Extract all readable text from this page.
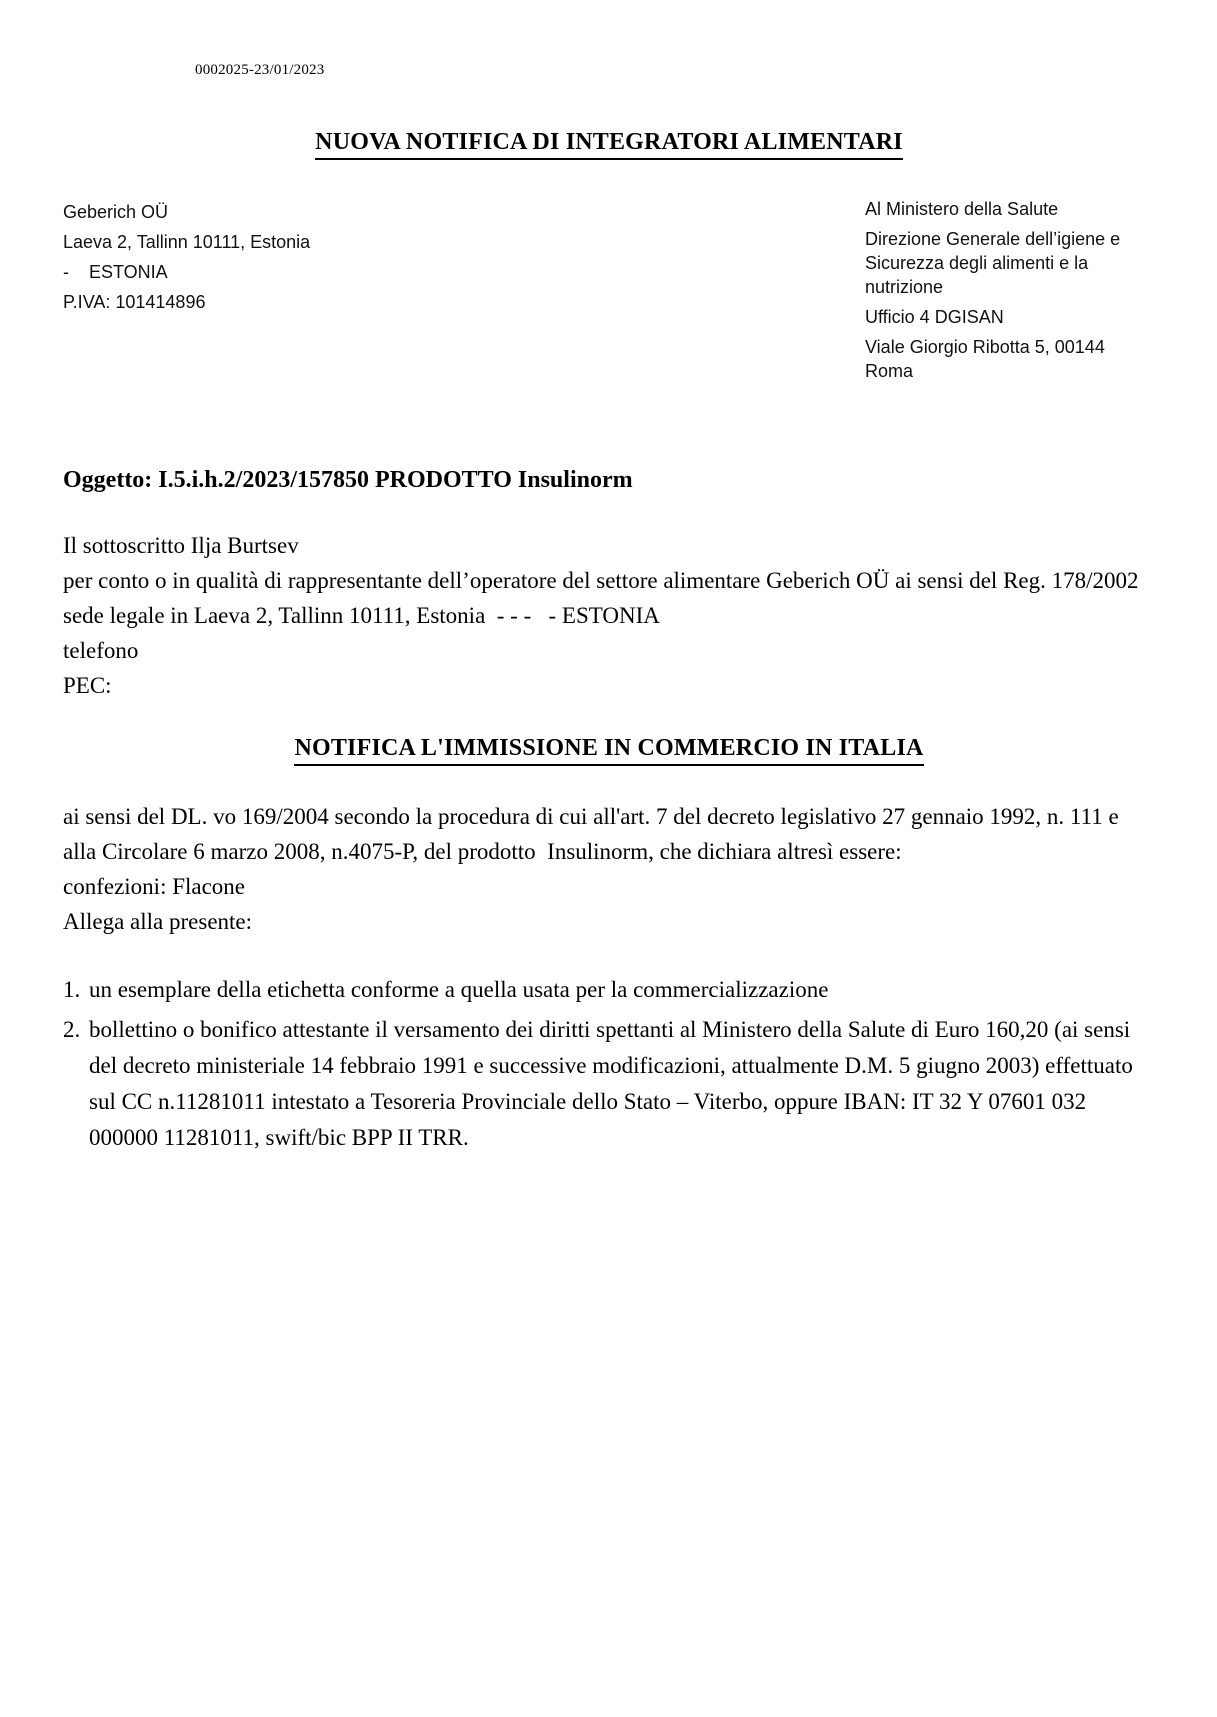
0002025-23/01/2023
NUOVA NOTIFICA DI INTEGRATORI ALIMENTARI

Geberich OÜ

Laeva 2, Tallinn 10111, Estonia

-    ESTONIA

P.IVA: 101414896

Al Ministero della Salute

Direzione Generale dell’igiene e Sicurezza degli alimenti e la nutrizione

Ufficio 4 DGISAN

Viale Giorgio Ribotta 5, 00144 Roma

Oggetto: I.5.i.h.2/2023/157850 PRODOTTO Insulinorm

Il sottoscritto Ilja Burtsev

per conto o in qualità di rappresentante dell’operatore del settore alimentare Geberich OÜ ai sensi del Reg. 178/2002

sede legale in Laeva 2, Tallinn 10111, Estonia  - - -   - ESTONIA

telefono

PEC:

NOTIFICA L'IMMISSIONE IN COMMERCIO IN ITALIA

ai sensi del DL. vo 169/2004 secondo la procedura di cui all'art. 7 del decreto legislativo 27 gennaio 1992, n. 111 e alla Circolare 6 marzo 2008, n.4075-P, del prodotto  Insulinorm, che dichiara altresì essere:

confezioni: Flacone

Allega alla presente:

1. un esemplare della etichetta conforme a quella usata per la commercializzazione
2. bollettino o bonifico attestante il versamento dei diritti spettanti al Ministero della Salute di Euro 160,20 (ai sensi del decreto ministeriale 14 febbraio 1991 e successive modificazioni, attualmente D.M. 5 giugno 2003) effettuato sul CC n.11281011 intestato a Tesoreria Provinciale dello Stato – Viterbo, oppure IBAN: IT 32 Y 07601 032 000000 11281011, swift/bic BPP II TRR.
